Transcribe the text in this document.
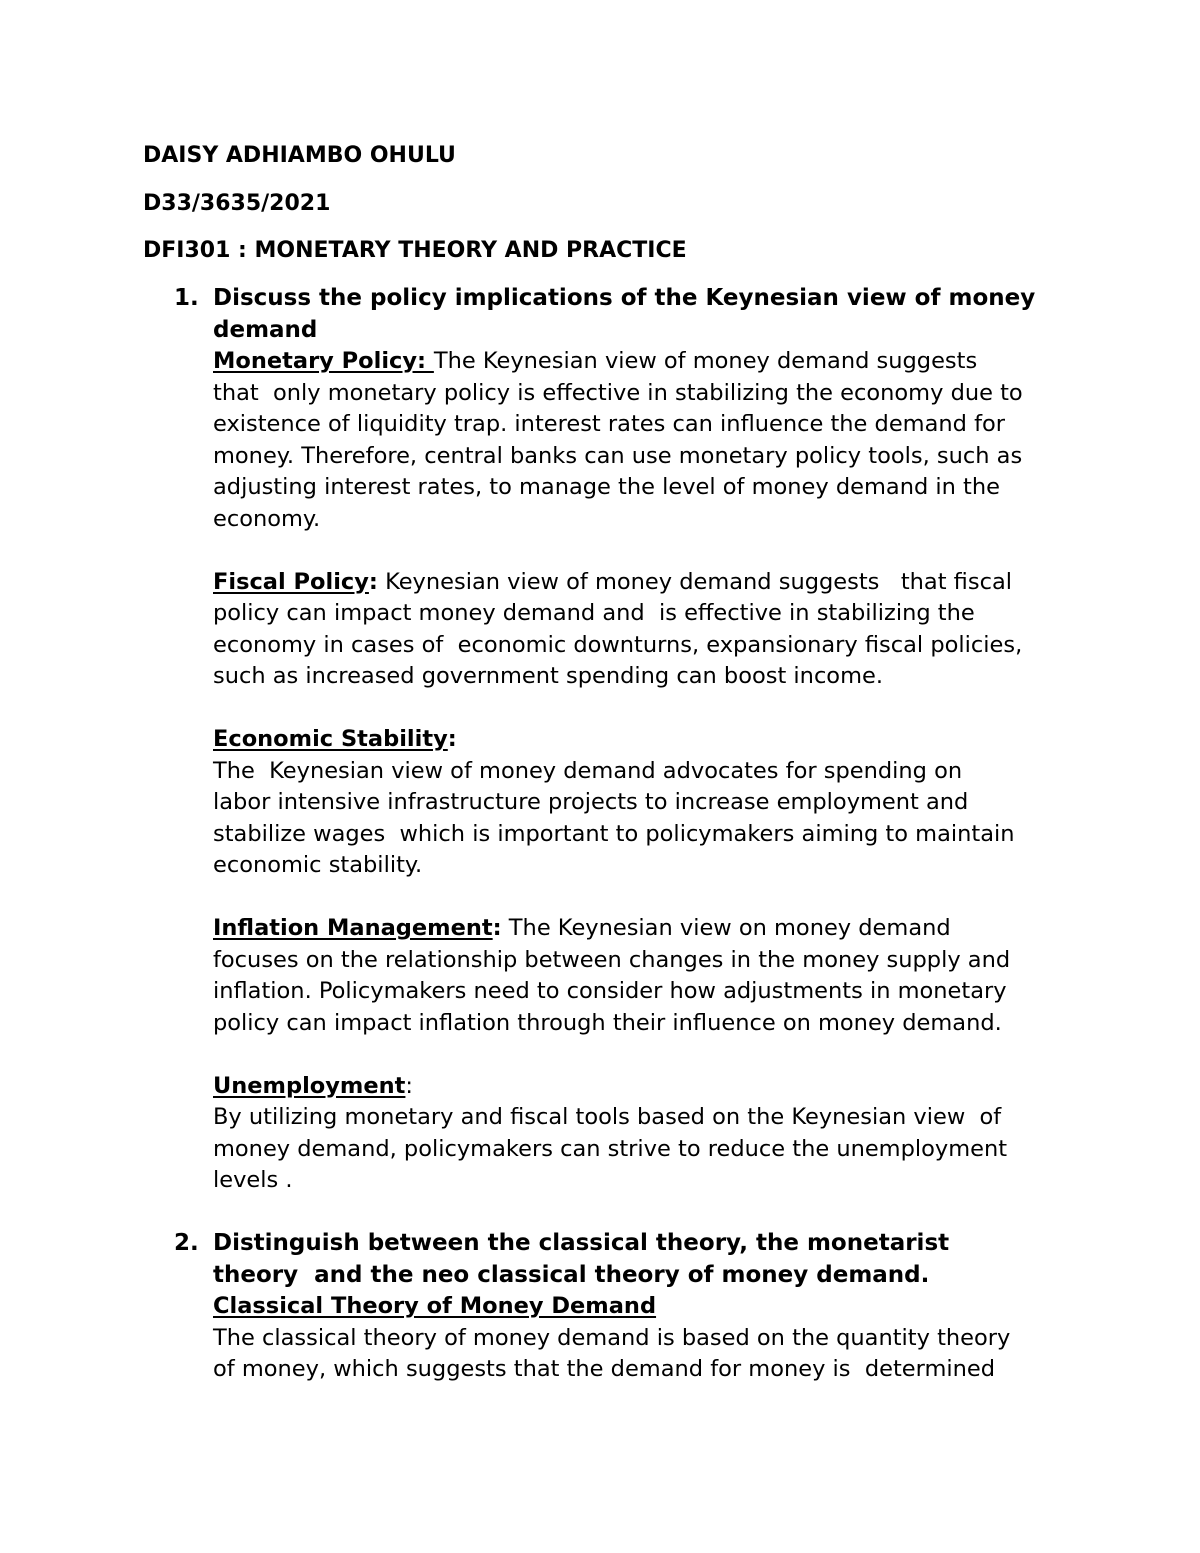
DAISY ADHIAMBO OHULU

D33/3635/2021

DFI301 : MONETARY THEORY AND PRACTICE

1. Discuss the policy implications of the Keynesian view of money

demand

Monetary Policy: The Keynesian view of money demand suggests

that  only monetary policy is effective in stabilizing the economy due to

existence of liquidity trap. interest rates can influence the demand for

money. Therefore, central banks can use monetary policy tools, such as

adjusting interest rates, to manage the level of money demand in the

economy.

Fiscal Policy: Keynesian view of money demand suggests   that fiscal

policy can impact money demand and  is effective in stabilizing the

economy in cases of  economic downturns, expansionary fiscal policies,

such as increased government spending can boost income.

Economic Stability:

The  Keynesian view of money demand advocates for spending on

labor intensive infrastructure projects to increase employment and

stabilize wages  which is important to policymakers aiming to maintain

economic stability.

Inflation Management: The Keynesian view on money demand

focuses on the relationship between changes in the money supply and

inflation. Policymakers need to consider how adjustments in monetary

policy can impact inflation through their influence on money demand.

Unemployment:

By utilizing monetary and fiscal tools based on the Keynesian view  of

money demand, policymakers can strive to reduce the unemployment

levels .

2. Distinguish between the classical theory, the monetarist

theory  and the neo classical theory of money demand.

Classical Theory of Money Demand

The classical theory of money demand is based on the quantity theory

of money, which suggests that the demand for money is  determined
